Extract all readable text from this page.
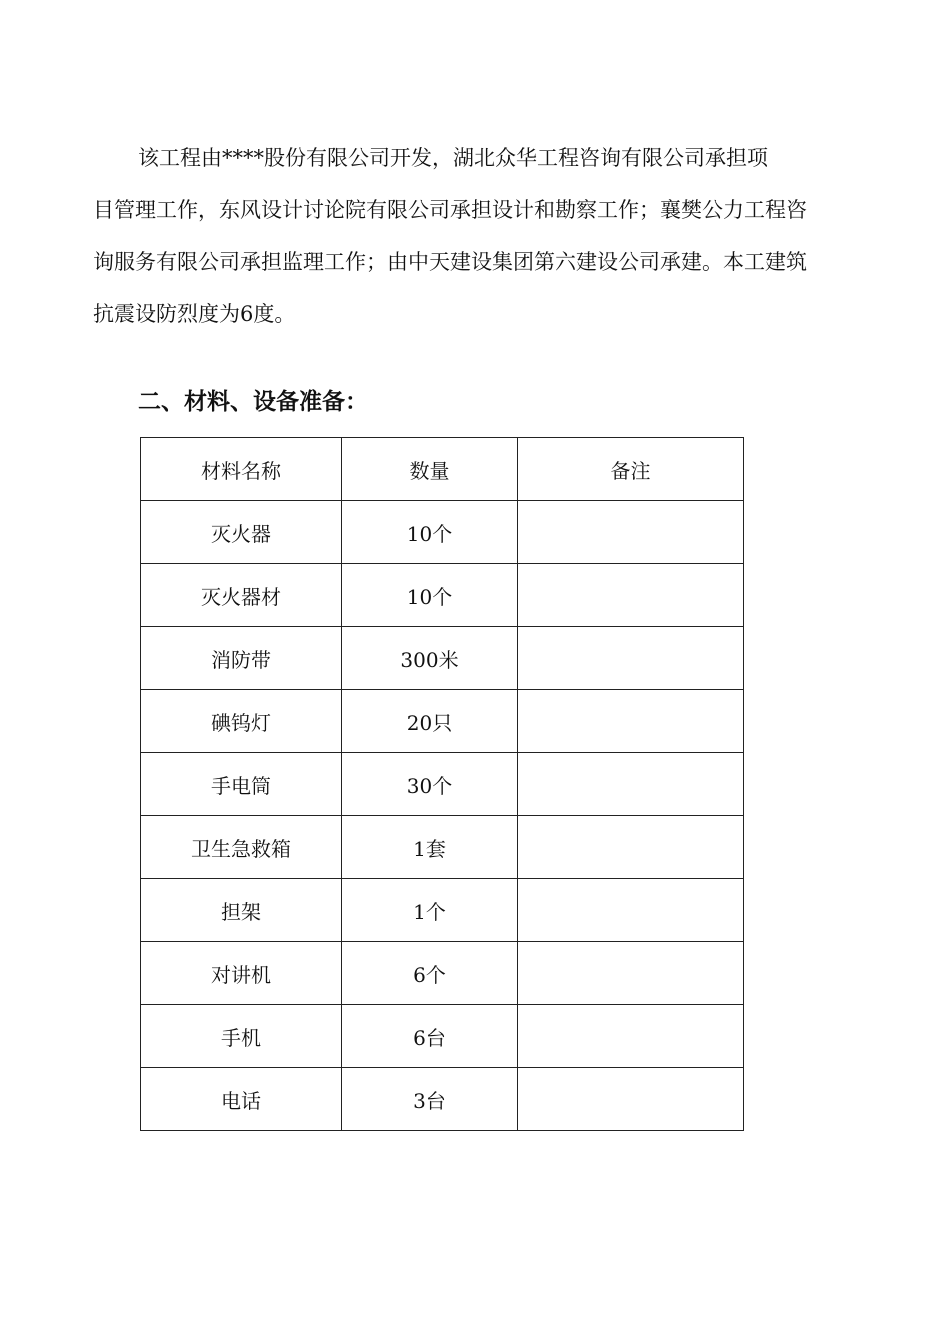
该工程由****股份有限公司开发，湖北众华工程咨询有限公司承担项
目管理工作，东风设计讨论院有限公司承担设计和勘察工作；襄樊公力工程咨
询服务有限公司承担监理工作；由中天建设集团第六建设公司承建。本工建筑
抗震设防烈度为6度。
二、材料、设备准备：
材料名称	数量	备注
灭火器	10个	
灭火器材	10个	
消防带	300米	
碘钨灯	20只	
手电筒	30个	
卫生急救箱	1套	
担架	1个	
对讲机	6个	
手机	6台	
电话	3台	
